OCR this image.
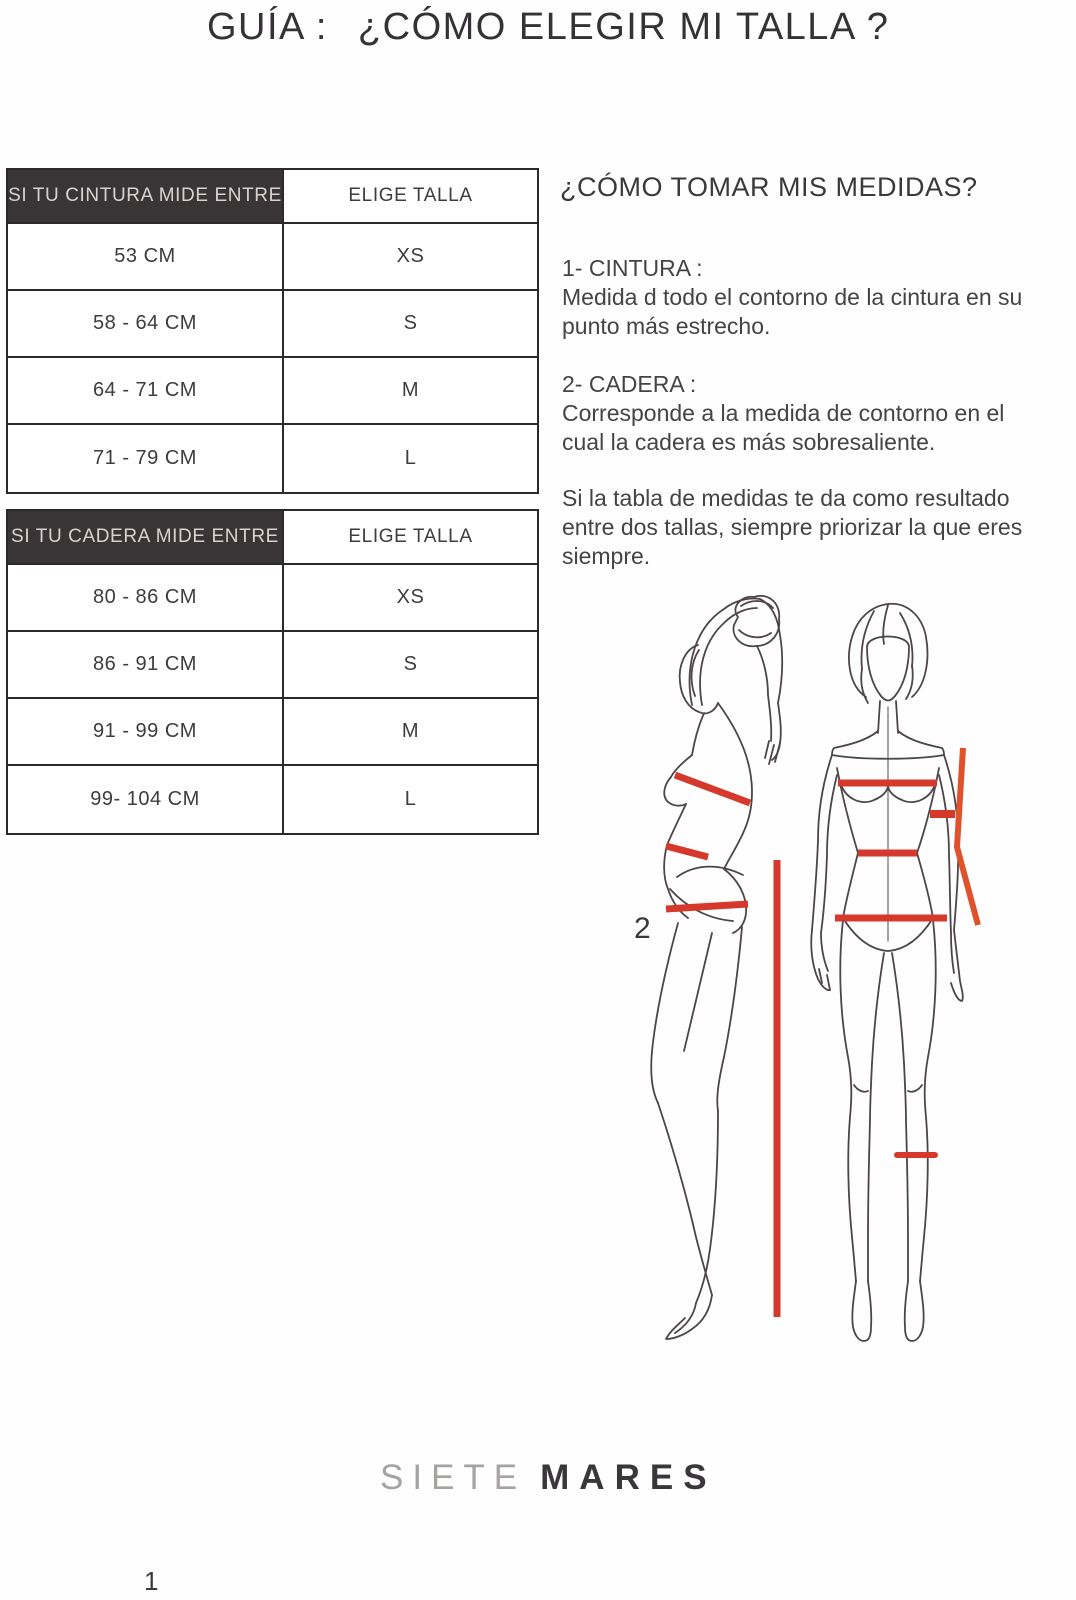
GUÍA : ¿CÓMO ELEGIR MI TALLA ?
SI TU CINTURA MIDE ENTRE	ELIGE TALLA
53 CM	XS
58 - 64 CM	S
64 - 71 CM	M
71 - 79 CM	L
SI TU CADERA MIDE ENTRE	ELIGE TALLA
80 - 86 CM	XS
86 - 91 CM	S
91 - 99 CM	M
99- 104 CM	L
¿CÓMO TOMAR MIS MEDIDAS?
1- CINTURA :
Medida d todo el contorno de la cintura en su punto más estrecho.
2- CADERA :
Corresponde a la medida de contorno en el cual la cadera es más sobresaliente.
Si la tabla de medidas te da como resultado entre dos tallas, siempre priorizar la que eres siempre.
2
SIETE MARES
1
